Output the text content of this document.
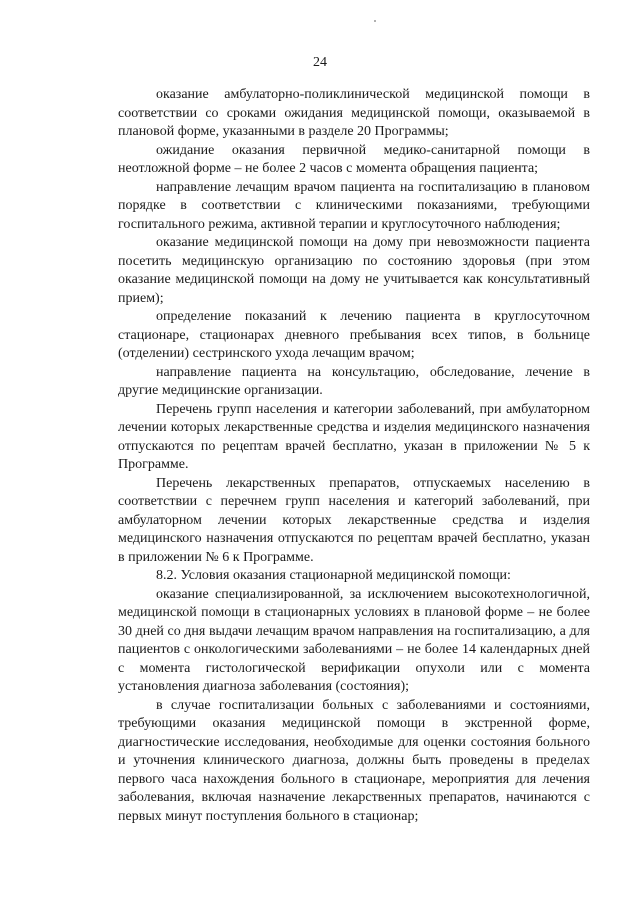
24

оказание амбулаторно-поликлинической медицинской помощи в соответствии со сроками ожидания медицинской помощи, оказываемой в плановой форме, указанными в разделе 20 Программы;

ожидание оказания первичной медико-санитарной помощи в неотложной форме – не более 2 часов с момента обращения пациента;

направление лечащим врачом пациента на госпитализацию в плановом порядке в соответствии с клиническими показаниями, требующими госпитального режима, активной терапии и круглосуточного наблюдения;

оказание медицинской помощи на дому при невозможности пациента посетить медицинскую организацию по состоянию здоровья (при этом оказание медицинской помощи на дому не учитывается как консультативный прием);

определение показаний к лечению пациента в круглосуточном стационаре, стационарах дневного пребывания всех типов, в больнице (отделении) сестринского ухода лечащим врачом;

направление пациента на консультацию, обследование, лечение в другие медицинские организации.

Перечень групп населения и категории заболеваний, при амбулаторном лечении которых лекарственные средства и изделия медицинского назначения отпускаются по рецептам врачей бесплатно, указан в приложении № 5 к Программе.

Перечень лекарственных препаратов, отпускаемых населению в соответствии с перечнем групп населения и категорий заболеваний, при амбулаторном лечении которых лекарственные средства и изделия медицинского назначения отпускаются по рецептам врачей бесплатно, указан в приложении № 6 к Программе.

8.2. Условия оказания стационарной медицинской помощи:

оказание специализированной, за исключением высокотехнологичной, медицинской помощи в стационарных условиях в плановой форме – не более 30 дней со дня выдачи лечащим врачом направления на госпитализацию, а для пациентов с онкологическими заболеваниями – не более 14 календарных дней с момента гистологической верификации опухоли или с момента установления диагноза заболевания (состояния);

в случае госпитализации больных с заболеваниями и состояниями, требующими оказания медицинской помощи в экстренной форме, диагностические исследования, необходимые для оценки состояния больного и уточнения клинического диагноза, должны быть проведены в пределах первого часа нахождения больного в стационаре, мероприятия для лечения заболевания, включая назначение лекарственных препаратов, начинаются с первых минут поступления больного в стационар;
